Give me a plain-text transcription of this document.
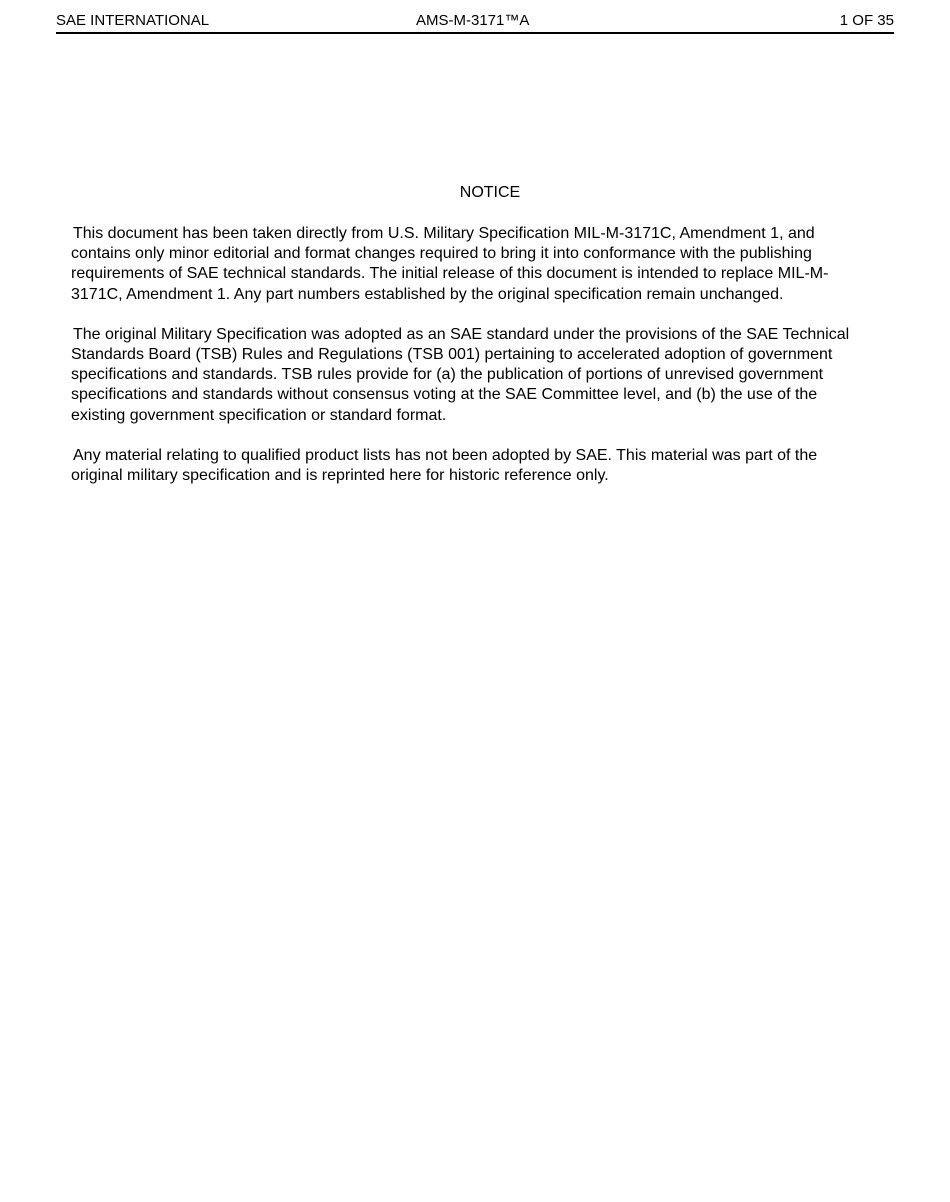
SAE INTERNATIONAL	AMS-M-3171™A	1 OF 35
NOTICE

This document has been taken directly from U.S. Military Specification MIL-M-3171C, Amendment 1, and contains only minor editorial and format changes required to bring it into conformance with the publishing requirements of SAE technical standards. The initial release of this document is intended to replace MIL-M-3171C, Amendment 1. Any part numbers established by the original specification remain unchanged.

The original Military Specification was adopted as an SAE standard under the provisions of the SAE Technical Standards Board (TSB) Rules and Regulations (TSB 001) pertaining to accelerated adoption of government specifications and standards. TSB rules provide for (a) the publication of portions of unrevised government specifications and standards without consensus voting at the SAE Committee level, and (b) the use of the existing government specification or standard format.

Any material relating to qualified product lists has not been adopted by SAE. This material was part of the original military specification and is reprinted here for historic reference only.
